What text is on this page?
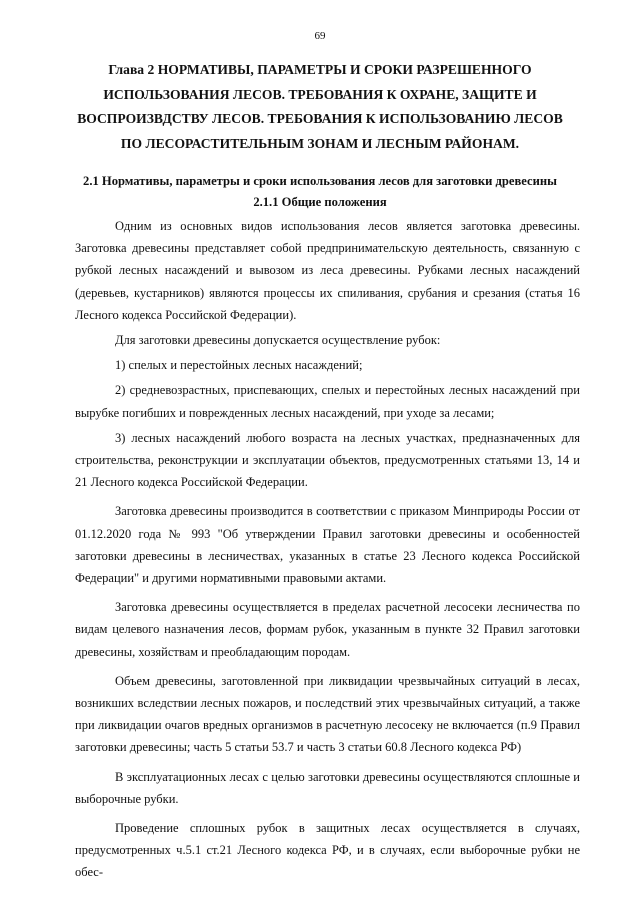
69
Глава 2 НОРМАТИВЫ, ПАРАМЕТРЫ И СРОКИ РАЗРЕШЕННОГО ИСПОЛЬЗОВАНИЯ ЛЕСОВ. ТРЕБОВАНИЯ К ОХРАНЕ, ЗАЩИТЕ И ВОСПРОИЗВДСТВУ ЛЕСОВ. ТРЕБОВАНИЯ К ИСПОЛЬЗОВАНИЮ ЛЕСОВ ПО ЛЕСОРАСТИТЕЛЬНЫМ ЗОНАМ И ЛЕСНЫМ РАЙОНАМ.
2.1 Нормативы, параметры и сроки использования лесов для заготовки древесины
2.1.1 Общие положения

Одним из основных видов использования лесов является заготовка древесины. Заготовка древесины представляет собой предпринимательскую деятельность, связанную с рубкой лесных насаждений и вывозом из леса древесины. Рубками лесных насаждений (деревьев, кустарников) являются процессы их спиливания, срубания и срезания (статья 16 Лесного кодекса Российской Федерации).

Для заготовки древесины допускается осуществление рубок:

1) спелых и перестойных лесных насаждений;

2) средневозрастных, приспевающих, спелых и перестойных лесных насаждений при вырубке погибших и поврежденных лесных насаждений, при уходе за лесами;

3) лесных насаждений любого возраста на лесных участках, предназначенных для строительства, реконструкции и эксплуатации объектов, предусмотренных статьями 13, 14 и 21 Лесного кодекса Российской Федерации.

Заготовка древесины производится в соответствии с приказом Минприроды России от 01.12.2020 года № 993 "Об утверждении Правил заготовки древесины и особенностей заготовки древесины в лесничествах, указанных в статье 23 Лесного кодекса Российской Федерации" и другими нормативными правовыми актами.

Заготовка древесины осуществляется в пределах расчетной лесосеки лесничества по видам целевого назначения лесов, формам рубок, указанным в пункте 32 Правил заготовки древесины, хозяйствам и преобладающим породам.

Объем древесины, заготовленной при ликвидации чрезвычайных ситуаций в лесах, возникших вследствии лесных пожаров, и последствий этих чрезвычайных ситуаций, а также при ликвидации очагов вредных организмов в расчетную лесосеку не включается (п.9 Правил заготовки древесины; часть 5 статьи 53.7 и часть 3 статьи 60.8 Лесного кодекса РФ)

В эксплуатационных лесах с целью заготовки древесины осуществляются сплошные и выборочные рубки.

Проведение сплошных рубок в защитных лесах осуществляется в случаях, предусмотренных ч.5.1 ст.21 Лесного кодекса РФ, и в случаях, если выборочные рубки не обес-
